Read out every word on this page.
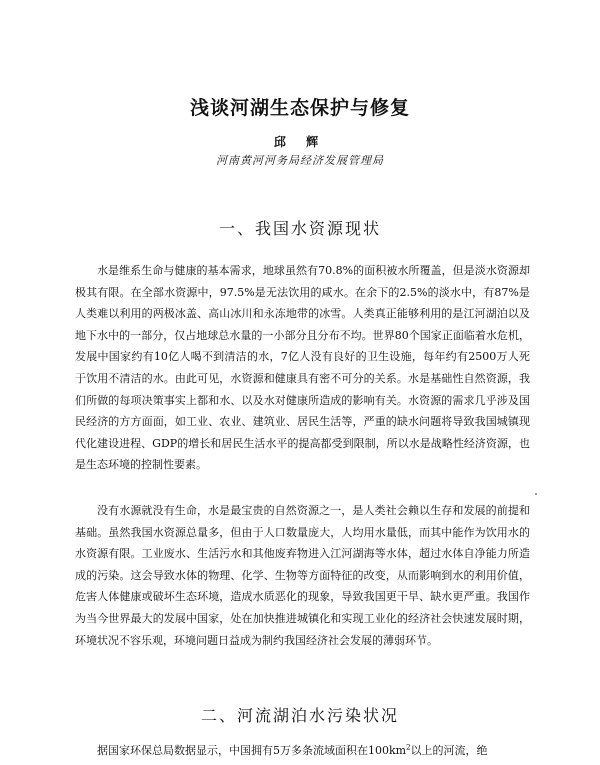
浅谈河湖生态保护与修复
邱 辉
河南黄河河务局经济发展管理局
一、我国水资源现状

水是维系生命与健康的基本需求，地球虽然有70.8%的面积被水所覆盖，但是淡水资源却极其有限。在全部水资源中，97.5%是无法饮用的咸水。在余下的2.5%的淡水中，有87%是人类难以利用的两极冰盖、高山冰川和永冻地带的冰雪。人类真正能够利用的是江河湖泊以及地下水中的一部分，仅占地球总水量的一小部分且分布不均。世界80个国家正面临着水危机，发展中国家约有10亿人喝不到清洁的水，7亿人没有良好的卫生设施，每年约有2500万人死于饮用不清洁的水。由此可见，水资源和健康具有密不可分的关系。水是基础性自然资源，我们所做的每项决策事实上都和水、以及水对健康所造成的影响有关。水资源的需求几乎涉及国民经济的方方面面，如工业、农业、建筑业、居民生活等，严重的缺水问题将导致我国城镇现代化建设进程、GDP的增长和居民生活水平的提高都受到限制，所以水是战略性经济资源，也是生态环境的控制性要素。

没有水源就没有生命，水是最宝贵的自然资源之一，是人类社会赖以生存和发展的前提和基础。虽然我国水资源总量多，但由于人口数量庞大，人均用水量低，而其中能作为饮用水的水资源有限。工业废水、生活污水和其他废弃物进入江河湖海等水体，超过水体自净能力所造成的污染。这会导致水体的物理、化学、生物等方面特征的改变，从而影响到水的利用价值，危害人体健康或破坏生态环境，造成水质恶化的现象，导致我国更干旱、缺水更严重。我国作为当今世界最大的发展中国家，处在加快推进城镇化和实现工业化的经济社会快速发展时期，环境状况不容乐观，环境问题日益成为制约我国经济社会发展的薄弱环节。

二、河流湖泊水污染状况

据国家环保总局数据显示，中国拥有5万多条流域面积在$100km^2$以上的河流，绝
